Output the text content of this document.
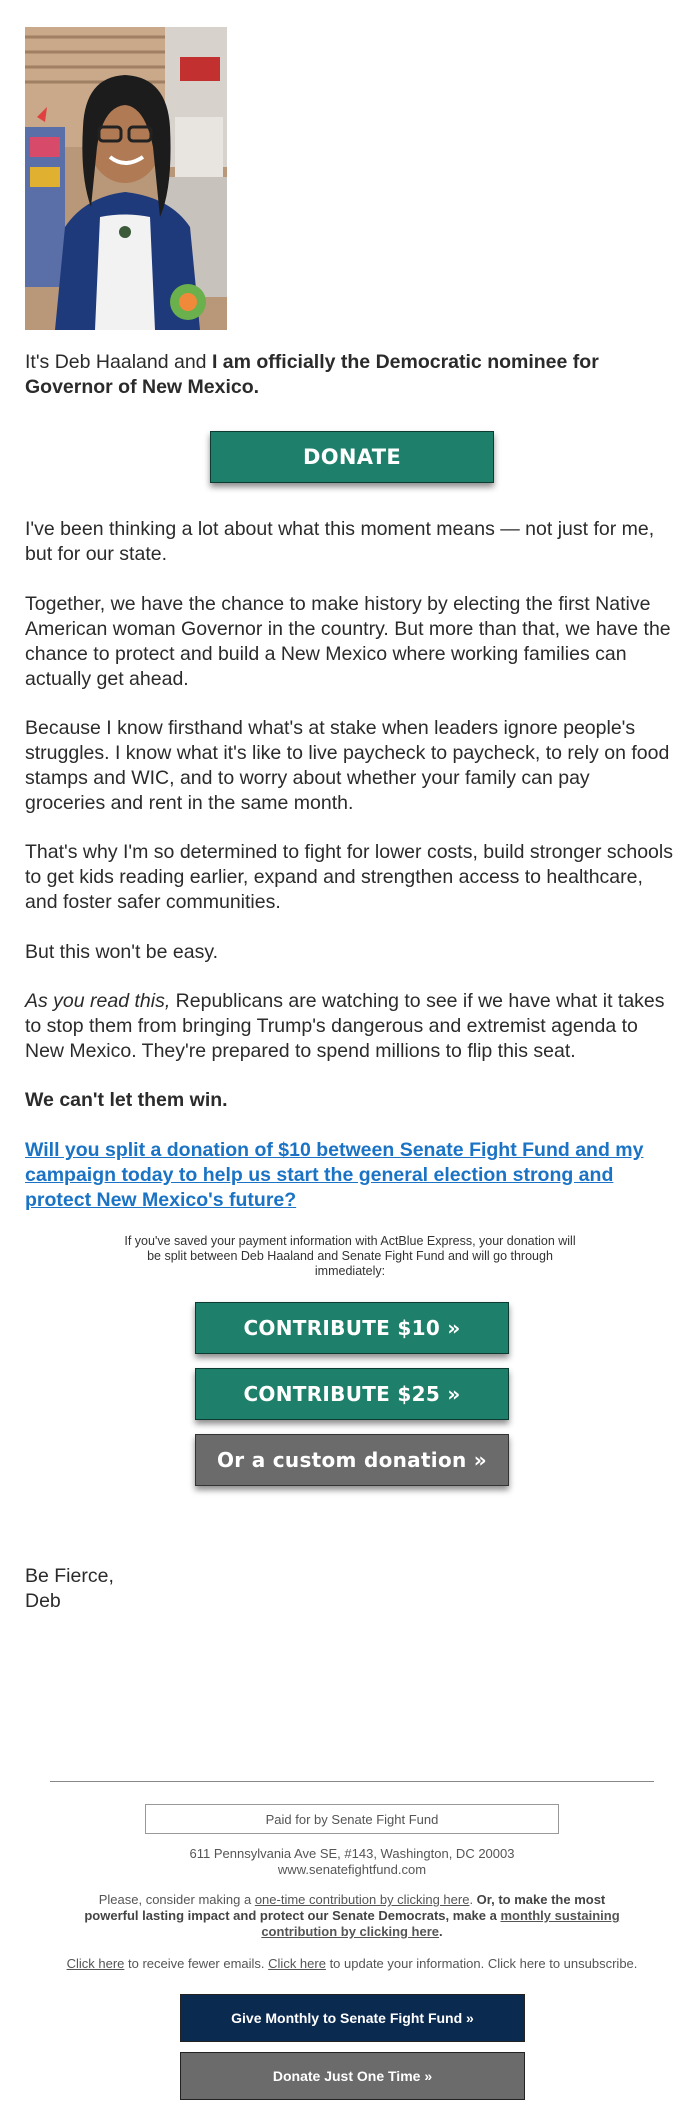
It's Deb Haaland and I am officially the Democratic nominee for Governor of New Mexico.

DONATE

I've been thinking a lot about what this moment means — not just for me, but for our state.

Together, we have the chance to make history by electing the first Native American woman Governor in the country. But more than that, we have the chance to protect and build a New Mexico where working families can actually get ahead.

Because I know firsthand what's at stake when leaders ignore people's struggles. I know what it's like to live paycheck to paycheck, to rely on food stamps and WIC, and to worry about whether your family can pay groceries and rent in the same month.

That's why I'm so determined to fight for lower costs, build stronger schools to get kids reading earlier, expand and strengthen access to healthcare, and foster safer communities.

But this won't be easy.

As you read this, Republicans are watching to see if we have what it takes to stop them from bringing Trump's dangerous and extremist agenda to New Mexico. They're prepared to spend millions to flip this seat.

We can't let them win.

Will you split a donation of $10 between Senate Fight Fund and my campaign today to help us start the general election strong and protect New Mexico's future?
If you've saved your payment information with ActBlue Express, your donation will be split between Deb Haaland and Senate Fight Fund and will go through immediately:
CONTRIBUTE $10 »
CONTRIBUTE $25 »
Or a custom donation »
Be Fierce,
Deb
Paid for by Senate Fight Fund
611 Pennsylvania Ave SE, #143, Washington, DC 20003
www.senatefightfund.com
Please, consider making a one-time contribution by clicking here. Or, to make the most powerful lasting impact and protect our Senate Democrats, make a monthly sustaining contribution by clicking here.
Click here to receive fewer emails. Click here to update your information. Click here to unsubscribe.
Give Monthly to Senate Fight Fund »
Donate Just One Time »
